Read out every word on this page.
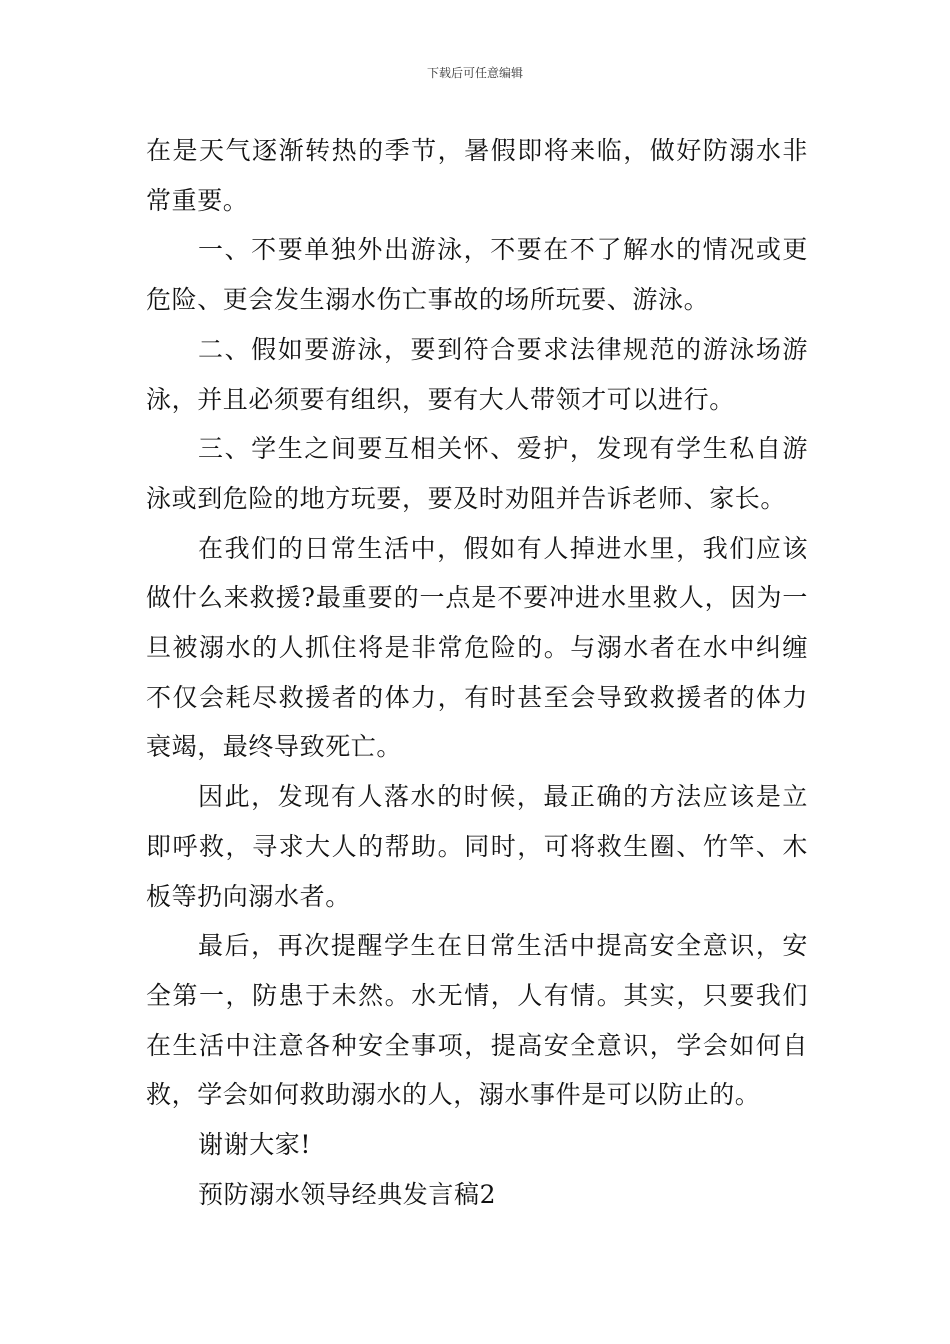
下载后可任意编辑

在是天气逐渐转热的季节，暑假即将来临，做好防溺水非常重要。

一、不要单独外出游泳，不要在不了解水的情况或更危险、更会发生溺水伤亡事故的场所玩要、游泳。

二、假如要游泳，要到符合要求法律规范的游泳场游泳，并且必须要有组织，要有大人带领才可以进行。

三、学生之间要互相关怀、爱护，发现有学生私自游泳或到危险的地方玩要，要及时劝阻并告诉老师、家长。

在我们的日常生活中，假如有人掉进水里，我们应该做什么来救援?最重要的一点是不要冲进水里救人，因为一旦被溺水的人抓住将是非常危险的。与溺水者在水中纠缠不仅会耗尽救援者的体力，有时甚至会导致救援者的体力衰竭，最终导致死亡。

因此，发现有人落水的时候，最正确的方法应该是立即呼救，寻求大人的帮助。同时，可将救生圈、竹竿、木板等扔向溺水者。

最后，再次提醒学生在日常生活中提高安全意识，安全第一，防患于未然。水无情，人有情。其实，只要我们在生活中注意各种安全事项，提高安全意识，学会如何自救，学会如何救助溺水的人，溺水事件是可以防止的。

谢谢大家!

预防溺水领导经典发言稿2
